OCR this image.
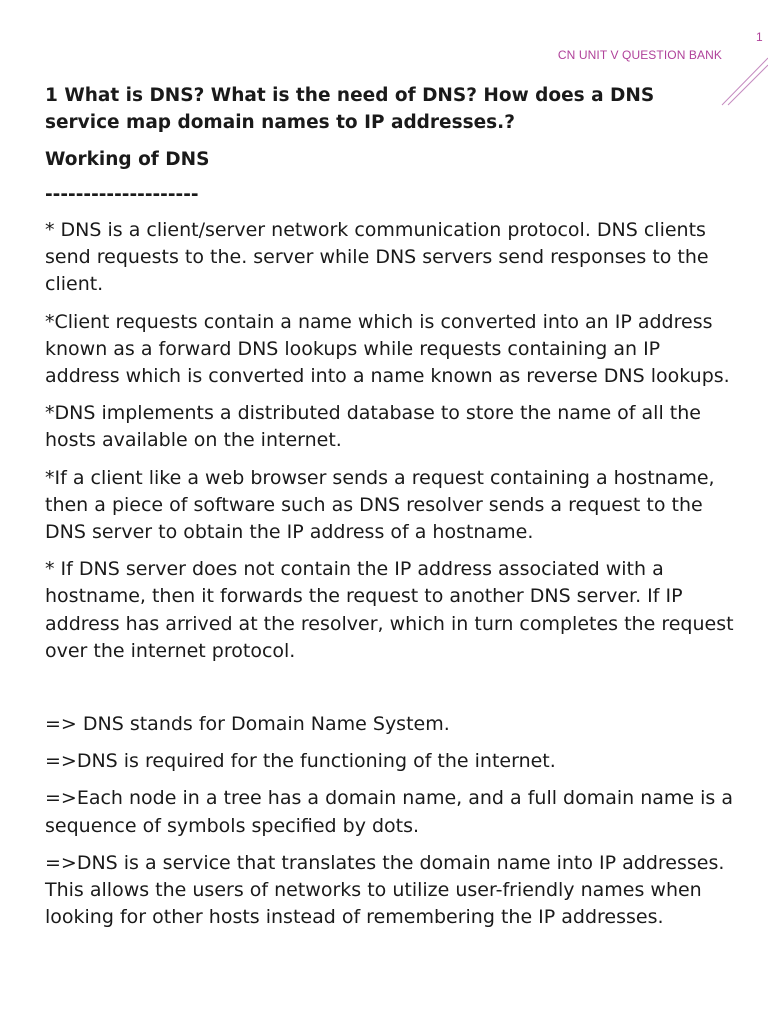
1
CN UNIT V QUESTION BANK

1 What is DNS? What is the need of DNS? How does a DNS service map domain names to IP addresses.?

Working of DNS

--------------------

* DNS is a client/server network communication protocol. DNS clients send requests to the. server while DNS servers send responses to the client.

*Client requests contain a name which is converted into an IP address known as a forward DNS lookups while requests containing an IP address which is converted into a name known as reverse DNS lookups.

*DNS implements a distributed database to store the name of all the hosts available on the internet.

*If a client like a web browser sends a request containing a hostname, then a piece of software such as DNS resolver sends a request to the DNS server to obtain the IP address of a hostname.

* If DNS server does not contain the IP address associated with a hostname, then it forwards the request to another DNS server. If IP address has arrived at the resolver, which in turn completes the request over the internet protocol.

=> DNS stands for Domain Name System.

=>DNS is required for the functioning of the internet.

=>Each node in a tree has a domain name, and a full domain name is a sequence of symbols specified by dots.

=>DNS is a service that translates the domain name into IP addresses. This allows the users of networks to utilize user-friendly names when looking for other hosts instead of remembering the IP addresses.
